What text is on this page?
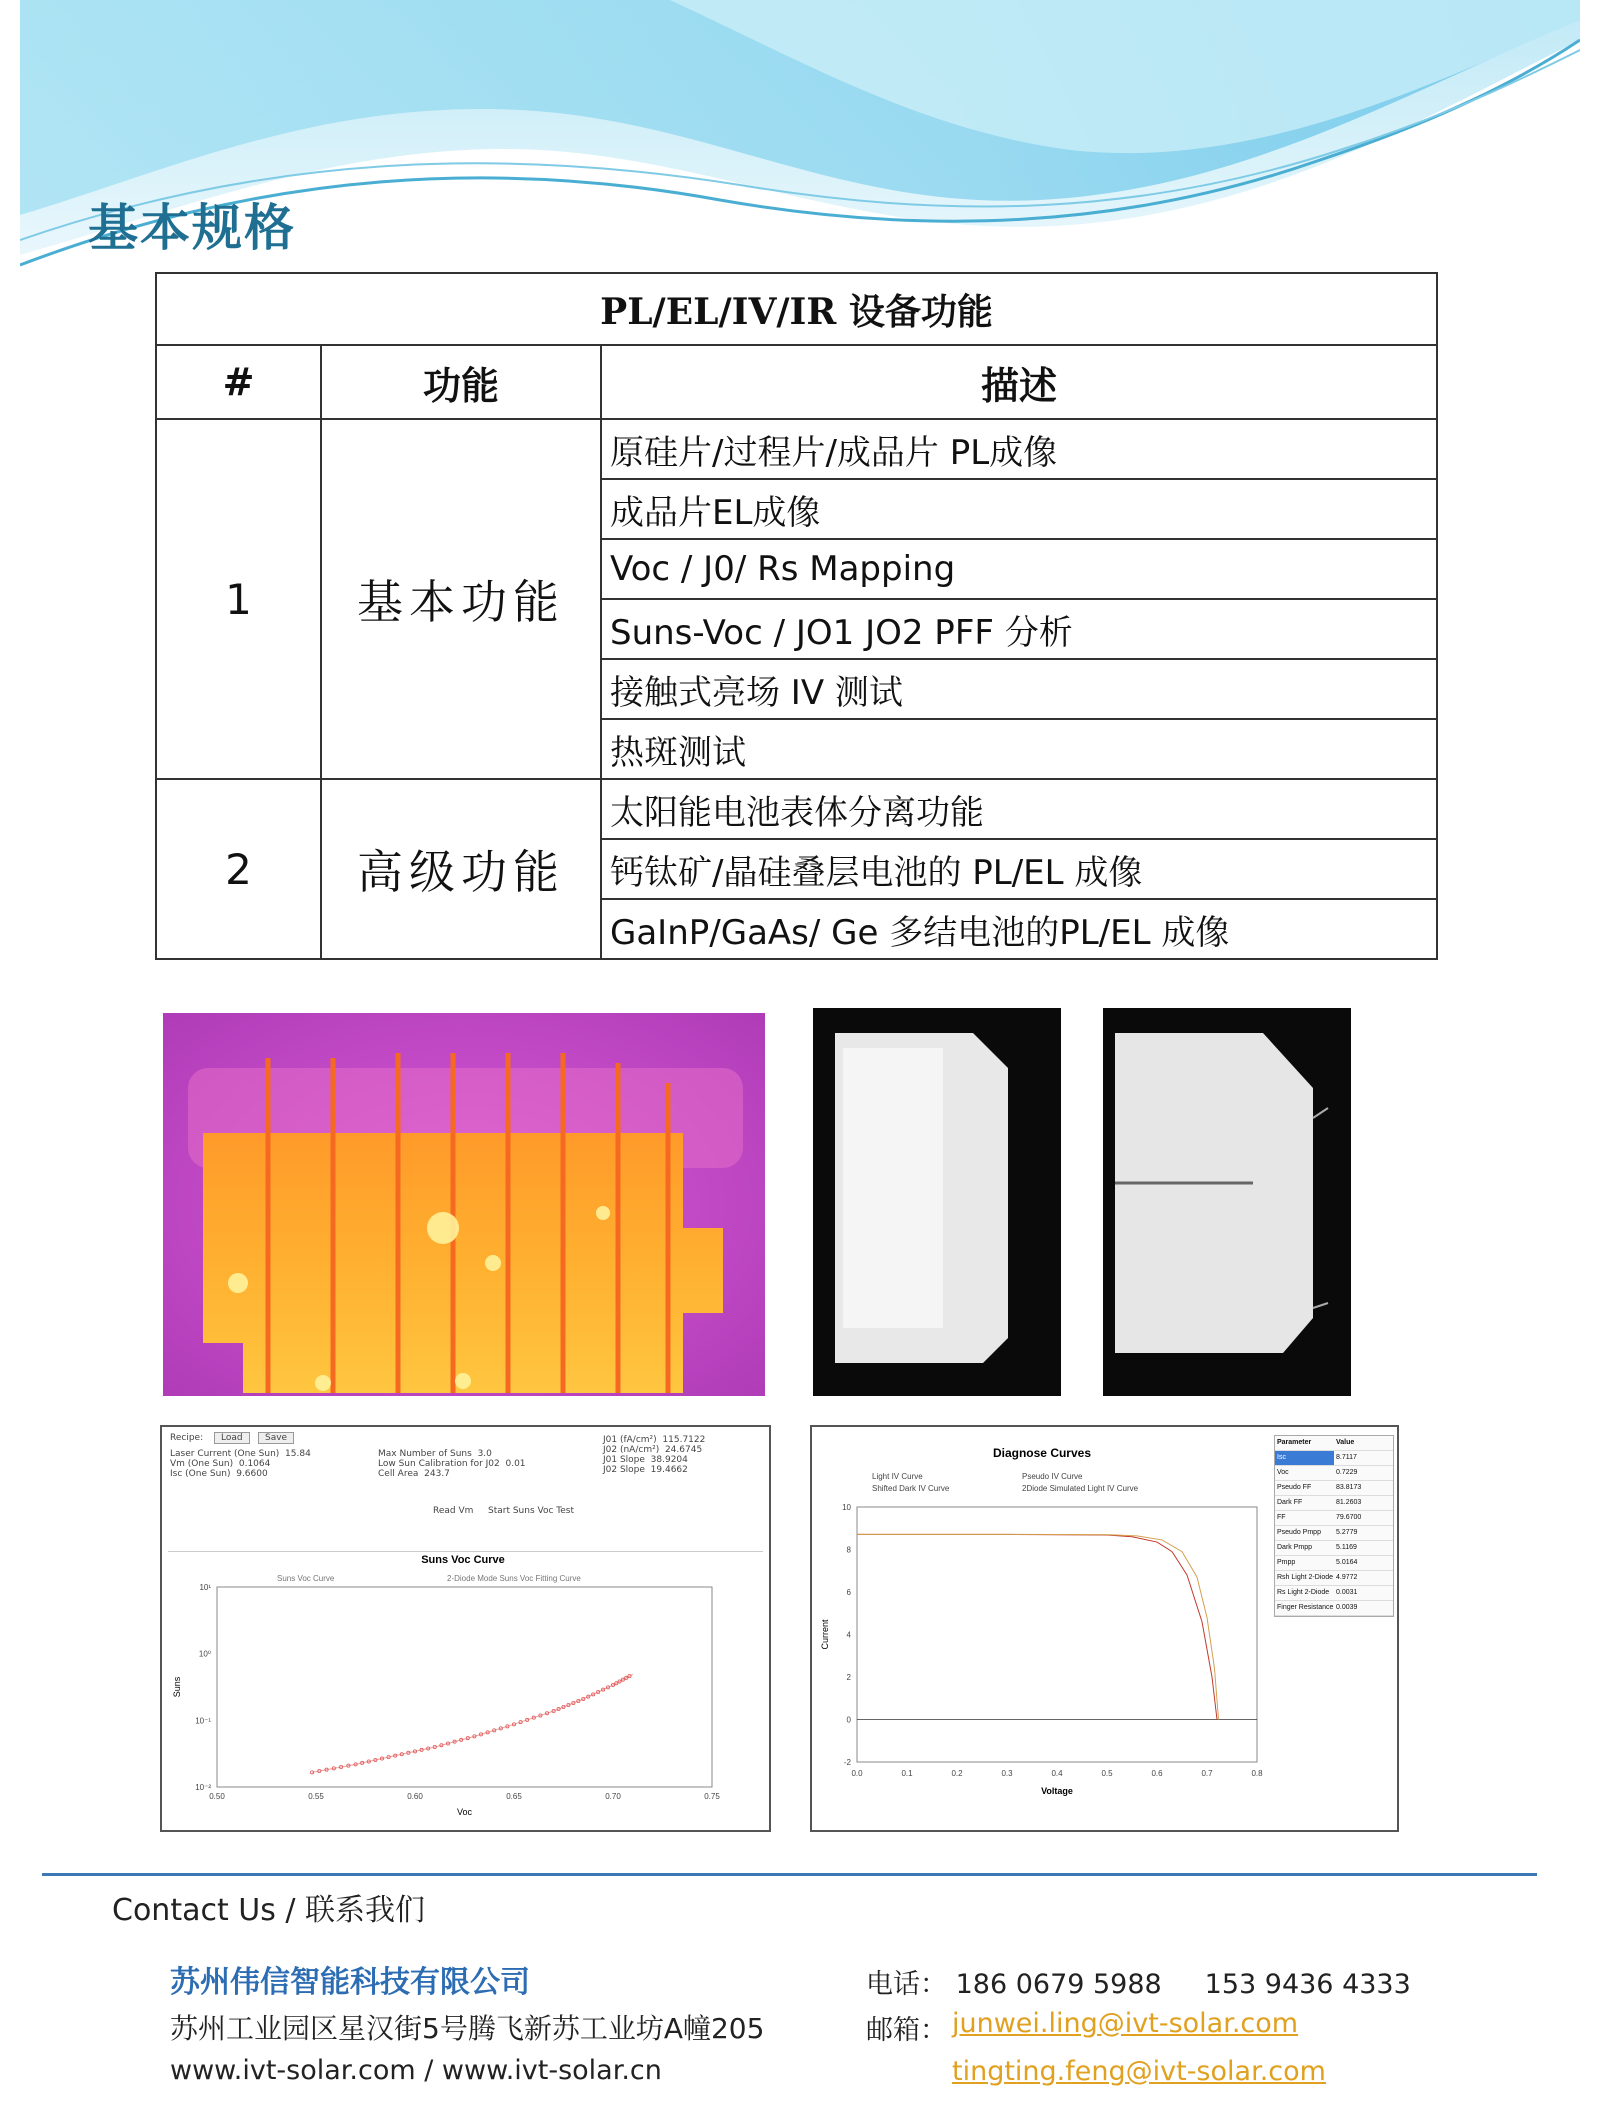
基本规格
PL/EL/IV/IR 设备功能		
#	功能	描述
1	基本功能	原硅片/过程片/成品片 PL成像
		成品片EL成像
		Voc / J0/ Rs Mapping
		Suns-Voc / JO1 JO2 PFF 分析
		接触式亮场 IV 测试
		热斑测试
2	高级功能	太阳能电池表体分离功能
		钙钛矿/晶硅叠层电池的 PL/EL 成像
		GaInP/GaAs/ Ge 多结电池的PL/EL 成像
Recipe:	Load	Save
Laser Current (One Sun) 15.84
Vm (One Sun) 0.1064
Isc (One Sun) 9.6600
Max Number of Suns 3.0
Low Sun Calibration for J02 0.01
Cell Area 243.7
J01 (fA/cm²) 115.7122
J02 (nA/cm²) 24.6745
J01 Slope 38.9204
J02 Slope 19.4662
Read Vm Start Suns Voc Test
Suns Voc Curve
Suns Voc Curve	2-Diode Mode Suns Voc Fitting Curve
0.50	0.55	0.60	0.65	0.70	0.75
10⁻²
10⁻¹
10⁰
10¹
Voc
Suns
Diagnose Curves
Light IV Curve	Pseudo IV Curve
Shifted Dark IV Curve	2Diode Simulated Light IV Curve
0.0	0.1	0.2	0.3	0.4	0.5	0.6	0.7	0.8
-2
0
2
4
6
8
10
Voltage
Current
Parameter	Value
Isc	8.7117
Voc	0.7229
Pseudo FF	83.8173
Dark FF	81.2603
FF	79.6700
Pseudo Pmpp	5.2779
Dark Pmpp	5.1169
Pmpp	5.0164
Rsh Light 2-Diode 4.9772
Rs Light 2-Diode 0.0031
Finger Resistance 0.0039
Contact Us / 联系我们
苏州伟信智能科技有限公司
苏州工业园区星汉街5号腾飞新苏工业坊A幢205
www.ivt-solar.com / www.ivt-solar.cn
电话： 186 0679 5988 153 9436 4333
邮箱： junwei.ling@ivt-solar.com
tingting.feng@ivt-solar.com
